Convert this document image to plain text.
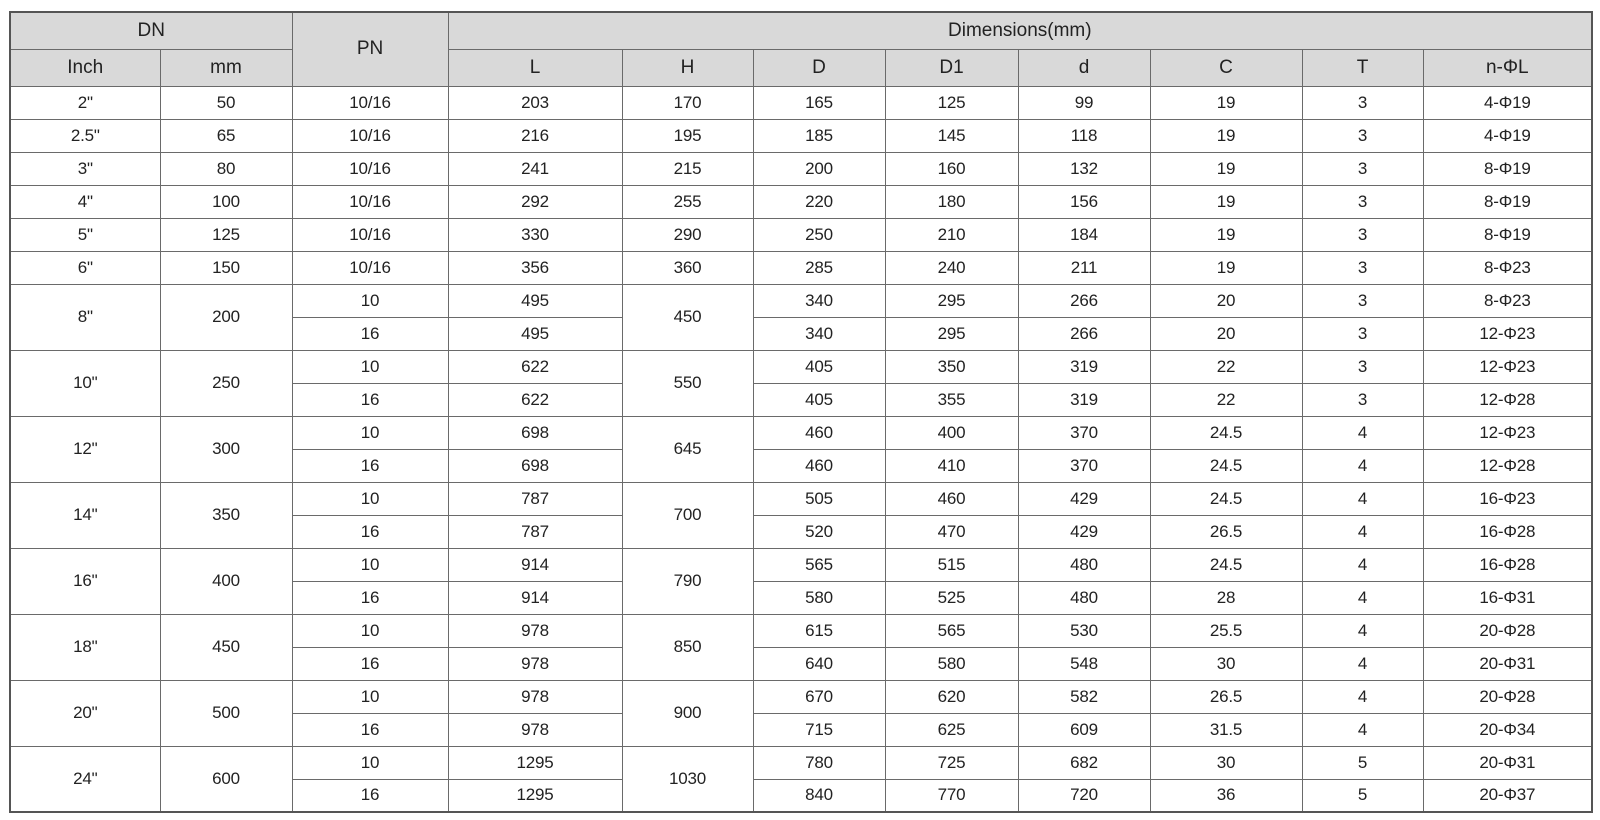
DN		PN	Dimensions(mm)							
Inch	mm		L	H	D	D1	d	C	T	n-ΦL
2"	50	10/16	203	170	165	125	99	19	3	4-Φ19
2.5"	65	10/16	216	195	185	145	118	19	3	4-Φ19
3"	80	10/16	241	215	200	160	132	19	3	8-Φ19
4"	100	10/16	292	255	220	180	156	19	3	8-Φ19
5"	125	10/16	330	290	250	210	184	19	3	8-Φ19
6"	150	10/16	356	360	285	240	211	19	3	8-Φ23
8"	200	10	495	450	340	295	266	20	3	8-Φ23
		16	495		340	295	266	20	3	12-Φ23
10"	250	10	622	550	405	350	319	22	3	12-Φ23
		16	622		405	355	319	22	3	12-Φ28
12"	300	10	698	645	460	400	370	24.5	4	12-Φ23
		16	698		460	410	370	24.5	4	12-Φ28
14"	350	10	787	700	505	460	429	24.5	4	16-Φ23
		16	787		520	470	429	26.5	4	16-Φ28
16"	400	10	914	790	565	515	480	24.5	4	16-Φ28
		16	914		580	525	480	28	4	16-Φ31
18"	450	10	978	850	615	565	530	25.5	4	20-Φ28
		16	978		640	580	548	30	4	20-Φ31
20"	500	10	978	900	670	620	582	26.5	4	20-Φ28
		16	978		715	625	609	31.5	4	20-Φ34
24"	600	10	1295	1030	780	725	682	30	5	20-Φ31
		16	1295		840	770	720	36	5	20-Φ37
